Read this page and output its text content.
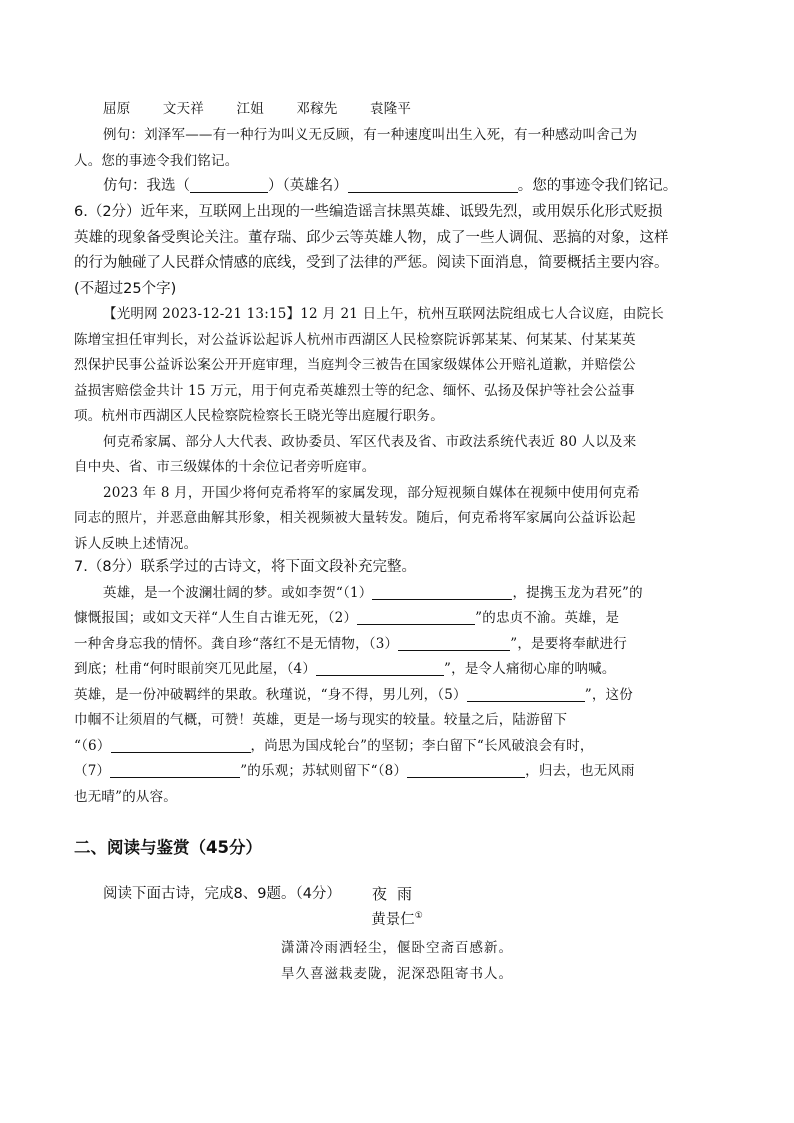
屈原 文天祥 江姐 邓稼先 袁隆平
例句：刘泽军——有一种行为叫义无反顾，有一种速度叫出生入死，有一种感动叫舍己为
人。您的事迹令我们铭记。
仿句：我选（	）（英雄名）	。您的事迹令我们铭记。
6.（2分）近年来，互联网上出现的一些编造谣言抹黑英雄、诋毁先烈，或用娱乐化形式贬损
英雄的现象备受舆论关注。董存瑞、邱少云等英雄人物，成了一些人调侃、恶搞的对象，这样
的行为触碰了人民群众情感的底线，受到了法律的严惩。阅读下面消息，简要概括主要内容。
(不超过25个字)
【光明网 2023-12-21 13:15】12 月 21 日上午，杭州互联网法院组成七人合议庭，由院长
陈增宝担任审判长，对公益诉讼起诉人杭州市西湖区人民检察院诉郭某某、何某某、付某某英
烈保护民事公益诉讼案公开开庭审理，当庭判令三被告在国家级媒体公开赔礼道歉，并赔偿公
益损害赔偿金共计 15 万元，用于何克希英雄烈士等的纪念、缅怀、弘扬及保护等社会公益事
项。杭州市西湖区人民检察院检察长王晓光等出庭履行职务。
何克希家属、部分人大代表、政协委员、军区代表及省、市政法系统代表近 80 人以及来
自中央、省、市三级媒体的十余位记者旁听庭审。
2023 年 8 月，开国少将何克希将军的家属发现，部分短视频自媒体在视频中使用何克希
同志的照片，并恶意曲解其形象，相关视频被大量转发。随后，何克希将军家属向公益诉讼起
诉人反映上述情况。
7.（8分）联系学过的古诗文，将下面文段补充完整。
英雄，是一个波澜壮阔的梦。或如李贺“（1）	，提携玉龙为君死”的
慷慨报国；或如文天祥“人生自古谁无死，（2）	”的忠贞不渝。英雄，是
一种舍身忘我的情怀。龚自珍“落红不是无情物，（3）	”，是要将奉献进行
到底；杜甫“何时眼前突兀见此屋，（4）	”，是令人痛彻心扉的呐喊。
英雄，是一份冲破羁绊的果敢。秋瑾说，“身不得，男儿列，（5）	”，这份
巾帼不让须眉的气概，可赞！英雄，更是一场与现实的较量。较量之后，陆游留下
“（6）	，尚思为国戍轮台”的坚韧；李白留下“长风破浪会有时，
（7）	”的乐观；苏轼则留下“（8）	，归去，也无风雨
也无晴”的从容。
二、阅读与鉴赏（45分）
阅读下面古诗，完成8、9题。（4分）	夜雨
黄景仁①
潇潇冷雨洒轻尘，偃卧空斋百感新。
旱久喜滋栽麦陇，泥深恐阻寄书人。
